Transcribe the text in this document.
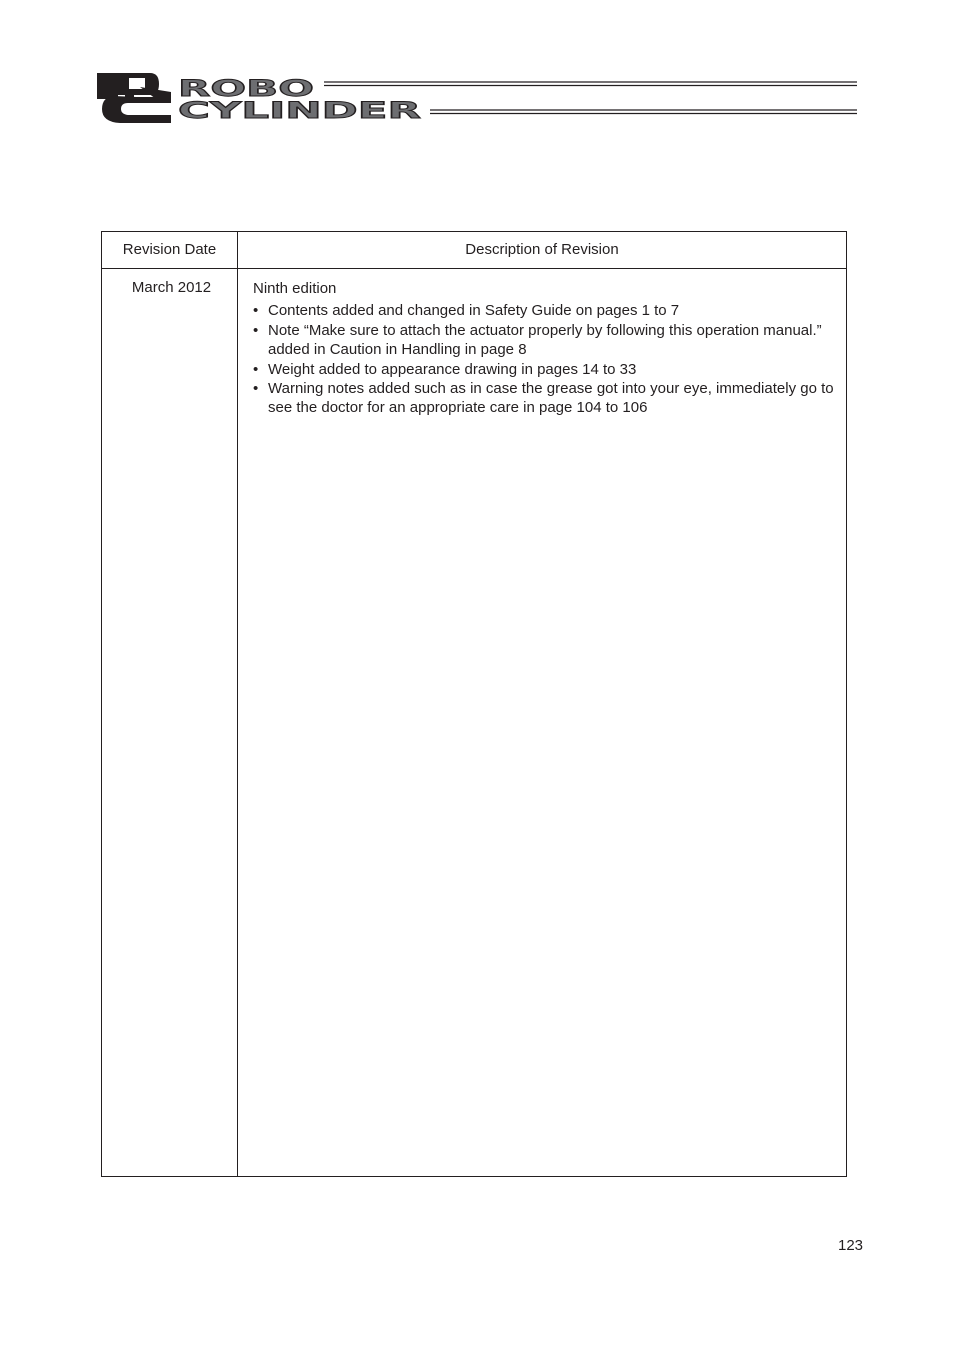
ROBO
CYLINDER
Revision Date	Description of Revision
March 2012	Ninth edition
• Contents added and changed in Safety Guide on pages 1 to 7
• Note “Make sure to attach the actuator properly by following this operation manual.” added in Caution in Handling in page 8
• Weight added to appearance drawing in pages 14 to 33
• Warning notes added such as in case the grease got into your eye, immediately go to see the doctor for an appropriate care in page 104 to 106
123
